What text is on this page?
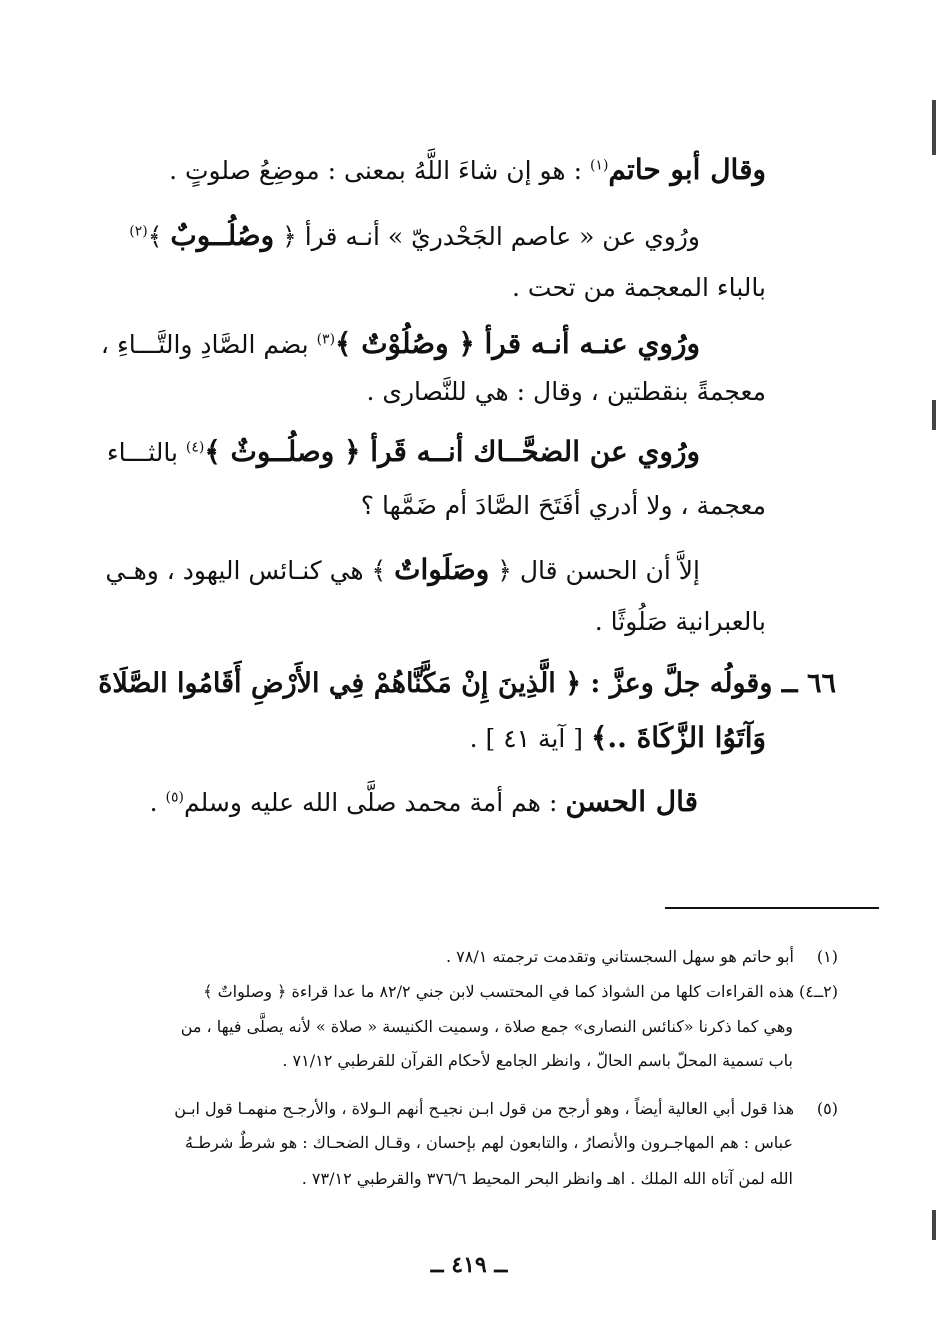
وقال أبو حاتم$^{(١)}$ : هو إن شاءَ اللَّهُ بمعنى : موضِعُ صلوتٍ .
ورُوي عن « عاصم الجَحْدريّ » أنـه قرأ ﴿ وصُلُــوبٌ ﴾$^{(٢)}$
بالباء المعجمة من تحت .
ورُوي عنـه أنـه قرأ ﴿ وصُلُوْتٌ ﴾$^{(٣)}$ بضم الصَّادِ والتَّـــاءِ ،
معجمةً بنقطتين ، وقال : هي للنَّصارى .
ورُوي عن الضحَّــاك أنــه قَرأ ﴿ وصلُــوثٌ ﴾$^{(٤)}$ بالثـــاء
معجمة ، ولا أدري أفَتَحَ الصَّادَ أم ضَمَّها ؟
إلاَّ أن الحسن قال ﴿ وصَلَواتٌ ﴾ هي كنـائس اليهود ، وهـي
بالعبرانية صَلُوثًا .
٦٦ ــ وقولُه جلَّ وعزَّ : ﴿ الَّذِينَ إِنْ مَكَّنَّاهُمْ فِي الأَرْضِ أَقَامُوا الصَّلَاةَ
وَآتَوُا الزَّكَاةَ ..﴾ [ آية ٤١ ] .
قال الحسن : هم أمة محمد صلَّى الله عليه وسلم$^{(٥)}$ .
(١)أبو حاتم هو سهل السجستاني وتقدمت ترجمته ٧٨/١ .
(٢ــ٤)هذه القراءات كلها من الشواذ كما في المحتسب لابن جني ٨٢/٢ ما عدا قراءة ﴿ وصلواتٌ ﴾
وهي كما ذكرنا «كنائس النصارى» جمع صلاة ، وسميت الكنيسة « صلاة » لأنه يصلَّى فيها ، من
باب تسمية المحلّ باسم الحالّ ، وانظر الجامع لأحكام القرآن للقرطبي ٧١/١٢ .
(٥)هذا قول أبي العالية أيضاً ، وهو أرجح من قول ابـن نجيـح أنهم الـولاة ، والأرجـح منهمـا قول ابـن
عباس : هم المهاجـرون والأنصارُ ، والتابعون لهم بإحسان ، وقـال الضحـاك : هو شرطٌ شرطـهُ
الله لمن آتاه الله الملك . اهـ وانظر البحر المحيط ٣٧٦/٦ والقرطبي ٧٣/١٢ .
ــ ٤١٩ ــ
